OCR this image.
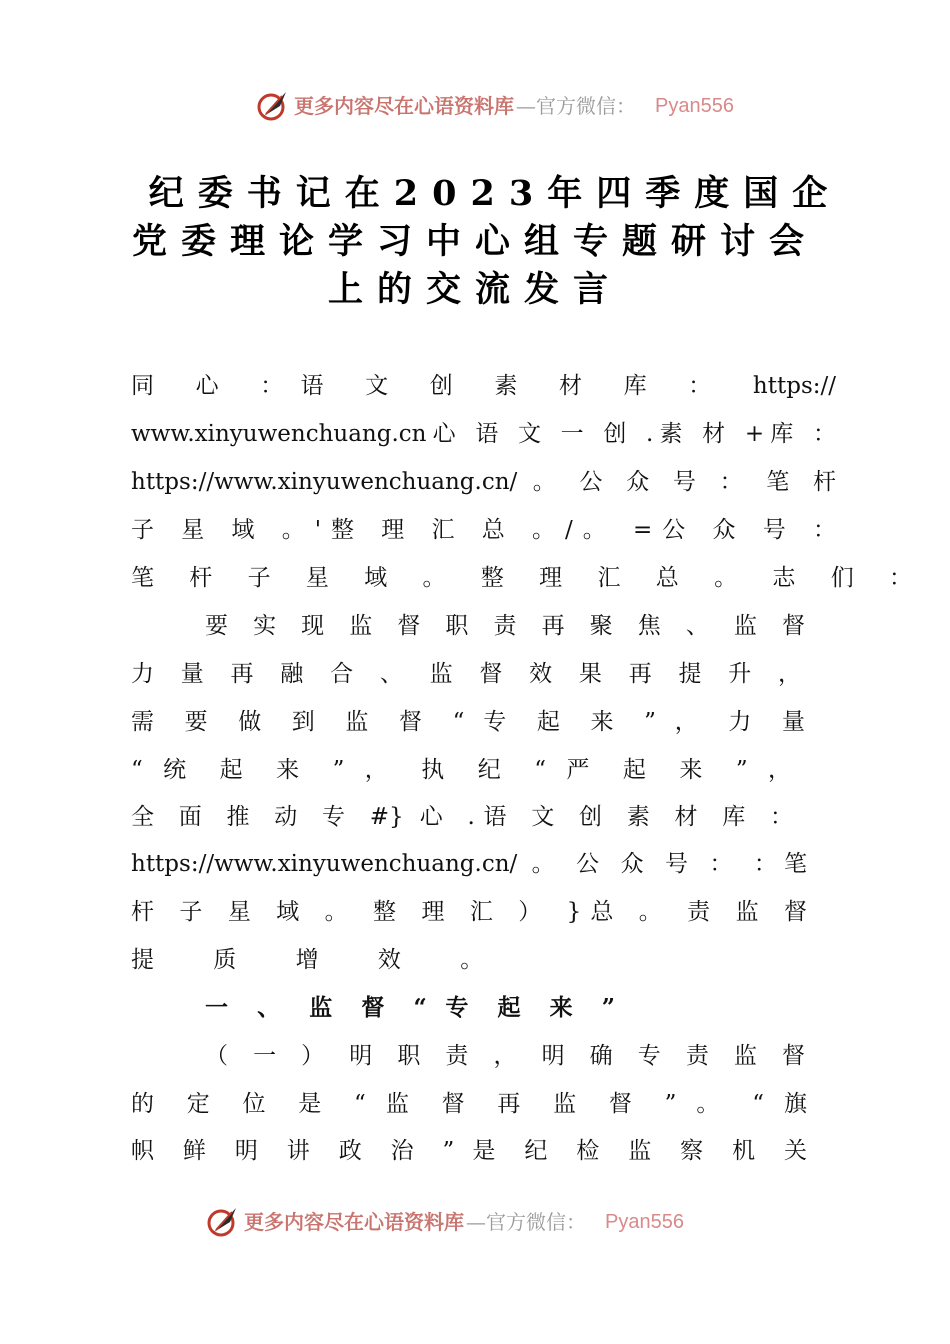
更多内容尽在心语资料库 —官方微信： Pyan556
纪委书记在2023年四季度国企
党委理论学习中心组专题研讨会
上的交流发言
同 心 ：语 文 创 素 材 库 ： https://
www.xinyuwenchuang.cn心 语 文 一 创 .素 材 +库 ：
https://www.xinyuwenchuang.cn/ 。 公 众 号 ： 笔 杆
子 星 域 。'整 理 汇 总 。/。 =公 众 号 ：
笔 杆 子 星 域 。 整 理 汇 总 。 志 们 ：
要 实 现 监 督 职 责 再 聚 焦 、 监 督
力 量 再 融 合 、 监 督 效 果 再 提 升 ，
需 要 做 到 监 督 “ 专 起 来 ” ， 力 量
“ 统 起 来 ” ， 执 纪 “ 严 起 来 ” ，
全 面 推 动 专 #} 心 .语 文 创 素 材 库 ：
https://www.xinyuwenchuang.cn/ 。 公 众 号 ： ：笔
杆 子 星 域 。 整 理 汇 ） }总 。 责 监 督
提 质 增 效 。
一 、 监 督 “ 专 起 来 ”
（ 一 ） 明 职 责 ， 明 确 专 责 监 督
的 定 位 是 “ 监 督 再 监 督 ” 。 “ 旗
帜 鲜 明 讲 政 治 ” 是 纪 检 监 察 机 关
更多内容尽在心语资料库 —官方微信： Pyan556
